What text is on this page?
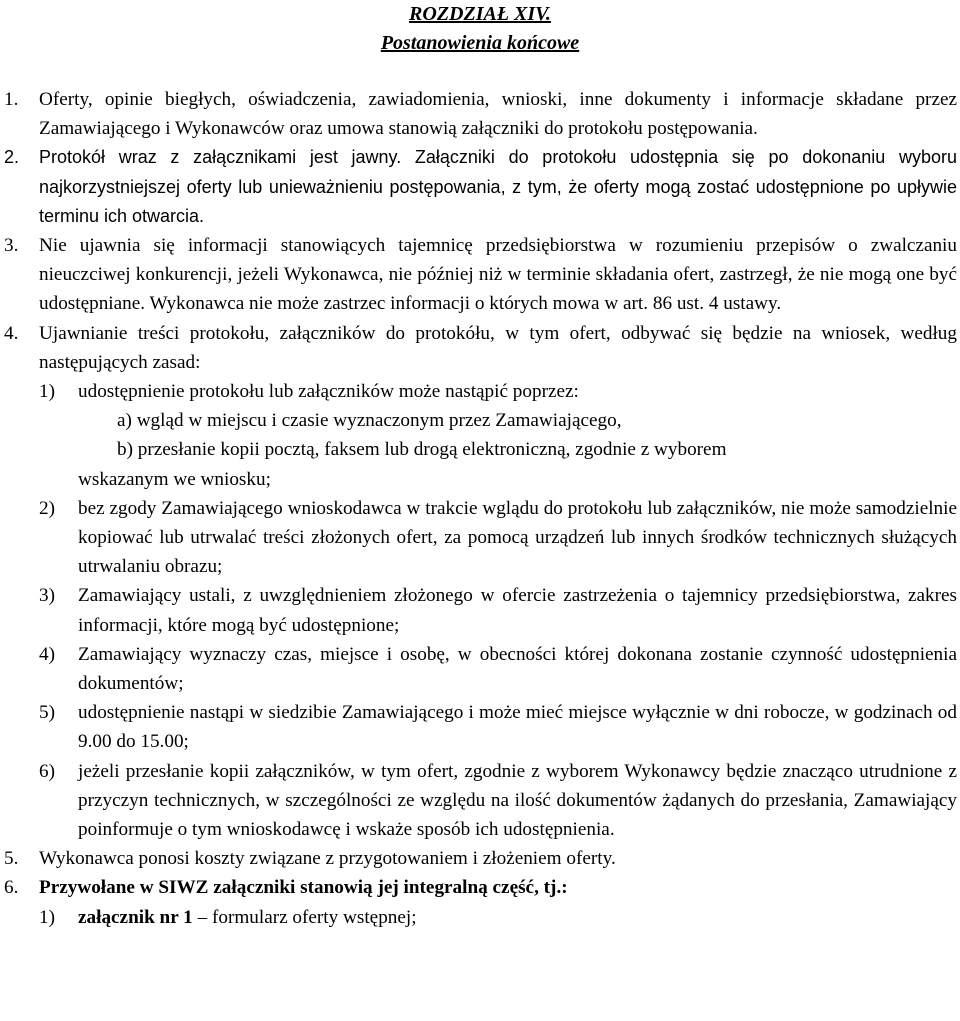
ROZDZIAŁ XIV.
Postanowienia końcowe
1. Oferty, opinie biegłych, oświadczenia, zawiadomienia, wnioski, inne dokumenty i informacje składane przez Zamawiającego i Wykonawców oraz umowa stanowią załączniki do protokołu postępowania.
2. Protokół wraz z załącznikami jest jawny. Załączniki do protokołu udostępnia się po dokonaniu wyboru najkorzystniejszej oferty lub unieważnieniu postępowania, z tym, że oferty mogą zostać udostępnione po upływie terminu ich otwarcia.
3. Nie ujawnia się informacji stanowiących tajemnicę przedsiębiorstwa w rozumieniu przepisów o zwalczaniu nieuczciwej konkurencji, jeżeli Wykonawca, nie później niż w terminie składania ofert, zastrzegł, że nie mogą one być udostępniane. Wykonawca nie może zastrzec informacji o których mowa w art. 86 ust. 4 ustawy.
4. Ujawnianie treści protokołu, załączników do protokółu, w tym ofert, odbywać się będzie na wniosek, według następujących zasad:
1) udostępnienie protokołu lub załączników może nastąpić poprzez:
a) wgląd w miejscu i czasie wyznaczonym przez Zamawiającego,
b) przesłanie kopii pocztą, faksem lub drogą elektroniczną, zgodnie z wyborem
wskazanym we wniosku;
2) bez zgody Zamawiającego wnioskodawca w trakcie wglądu do protokołu lub załączników, nie może samodzielnie kopiować lub utrwalać treści złożonych ofert, za pomocą urządzeń lub innych środków technicznych służących utrwalaniu obrazu;
3) Zamawiający ustali, z uwzględnieniem złożonego w ofercie zastrzeżenia o tajemnicy przedsiębiorstwa, zakres informacji, które mogą być udostępnione;
4) Zamawiający wyznaczy czas, miejsce i osobę, w obecności której dokonana zostanie czynność udostępnienia dokumentów;
5) udostępnienie nastąpi w siedzibie Zamawiającego i może mieć miejsce wyłącznie w dni robocze, w godzinach od 9.00 do 15.00;
6) jeżeli przesłanie kopii załączników, w tym ofert, zgodnie z wyborem Wykonawcy będzie znacząco utrudnione z przyczyn technicznych, w szczególności ze względu na ilość dokumentów żądanych do przesłania, Zamawiający poinformuje o tym wnioskodawcę i wskaże sposób ich udostępnienia.
5. Wykonawca ponosi koszty związane z przygotowaniem i złożeniem oferty.
6. Przywołane w SIWZ załączniki stanowią jej integralną część, tj.:
1) załącznik nr 1 – formularz oferty wstępnej;
